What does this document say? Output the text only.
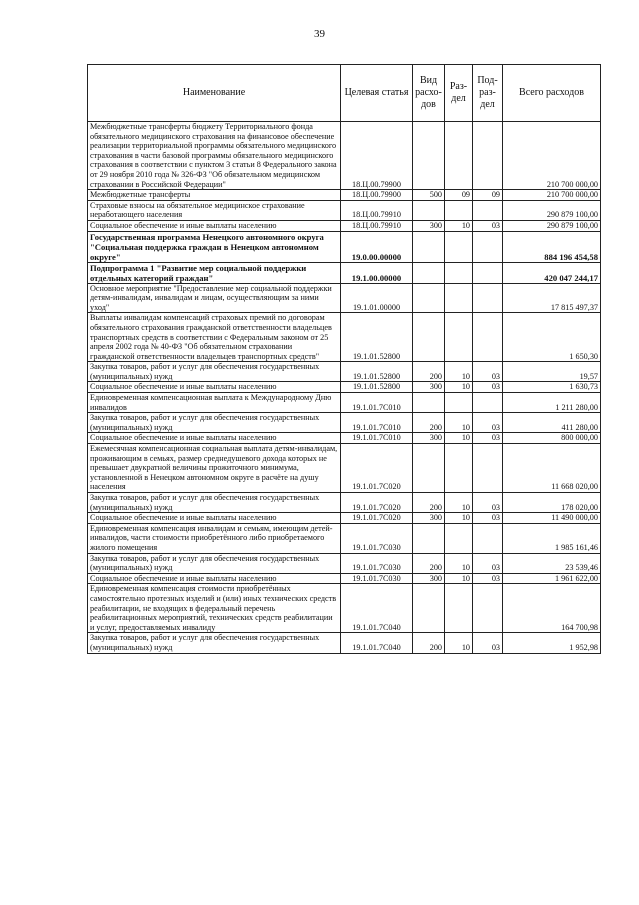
39
Наименование	Целевая статья	Вид расхо-дов	Раз-дел	Под-раз-дел	Всего расходов
Межбюджетные трансферты бюджету Территориального фонда обязательного медицинского страхования на финансовое обеспечение реализации территориальной программы обязательного медицинского страхования в части базовой программы обязательного медицинского страхования в соответствии с пунктом 3 статьи 8 Федерального закона от 29 ноября 2010 года № 326-ФЗ "Об обязательном медицинском страховании в Российской Федерации"	18.Ц.00.79900				210 700 000,00
Межбюджетные трансферты	18.Ц.00.79900	500	09	09	210 700 000,00
Страховые взносы на обязательное медицинское страхование неработающего населения	18.Ц.00.79910				290 879 100,00
Социальное обеспечение и иные выплаты населению	18.Ц.00.79910	300	10	03	290 879 100,00
Государственная программа Ненецкого автономного округа "Социальная поддержка граждан в Ненецком автономном округе"	19.0.00.00000				884 196 454,58
Подпрограмма 1 "Развитие мер социальной поддержки отдельных категорий граждан"	19.1.00.00000				420 047 244,17
Основное мероприятие "Предоставление мер социальной поддержки детям-инвалидам, инвалидам и лицам, осуществляющим за ними уход"	19.1.01.00000				17 815 497,37
Выплаты инвалидам компенсаций страховых премий по договорам обязательного страхования гражданской ответственности владельцев транспортных средств в соответствии с Федеральным законом от 25 апреля 2002 года № 40-ФЗ "Об обязательном страховании гражданской ответственности владельцев транспортных средств"	19.1.01.52800				1 650,30
Закупка товаров, работ и услуг для обеспечения государственных (муниципальных) нужд	19.1.01.52800	200	10	03	19,57
Социальное обеспечение и иные выплаты населению	19.1.01.52800	300	10	03	1 630,73
Единовременная компенсационная выплата к Международному Дню инвалидов	19.1.01.7С010				1 211 280,00
Закупка товаров, работ и услуг для обеспечения государственных (муниципальных) нужд	19.1.01.7С010	200	10	03	411 280,00
Социальное обеспечение и иные выплаты населению	19.1.01.7С010	300	10	03	800 000,00
Ежемесячная компенсационная социальная выплата детям-инвалидам, проживающим в семьях, размер среднедушевого дохода которых не превышает двукратной величины прожиточного минимума, установленной в Ненецком автономном округе в расчёте на душу населения	19.1.01.7С020				11 668 020,00
Закупка товаров, работ и услуг для обеспечения государственных (муниципальных) нужд	19.1.01.7С020	200	10	03	178 020,00
Социальное обеспечение и иные выплаты населению	19.1.01.7С020	300	10	03	11 490 000,00
Единовременная компенсация инвалидам и семьям, имеющим детей-инвалидов, части стоимости приобретённого либо приобретаемого жилого помещения	19.1.01.7С030				1 985 161,46
Закупка товаров, работ и услуг для обеспечения государственных (муниципальных) нужд	19.1.01.7С030	200	10	03	23 539,46
Социальное обеспечение и иные выплаты населению	19.1.01.7С030	300	10	03	1 961 622,00
Единовременная компенсация стоимости приобретённых самостоятельно протезных изделий и (или) иных технических средств реабилитации, не входящих в федеральный перечень реабилитационных мероприятий, технических средств реабилитации и услуг, предоставляемых инвалиду	19.1.01.7С040				164 700,98
Закупка товаров, работ и услуг для обеспечения государственных (муниципальных) нужд	19.1.01.7С040	200	10	03	1 952,98
